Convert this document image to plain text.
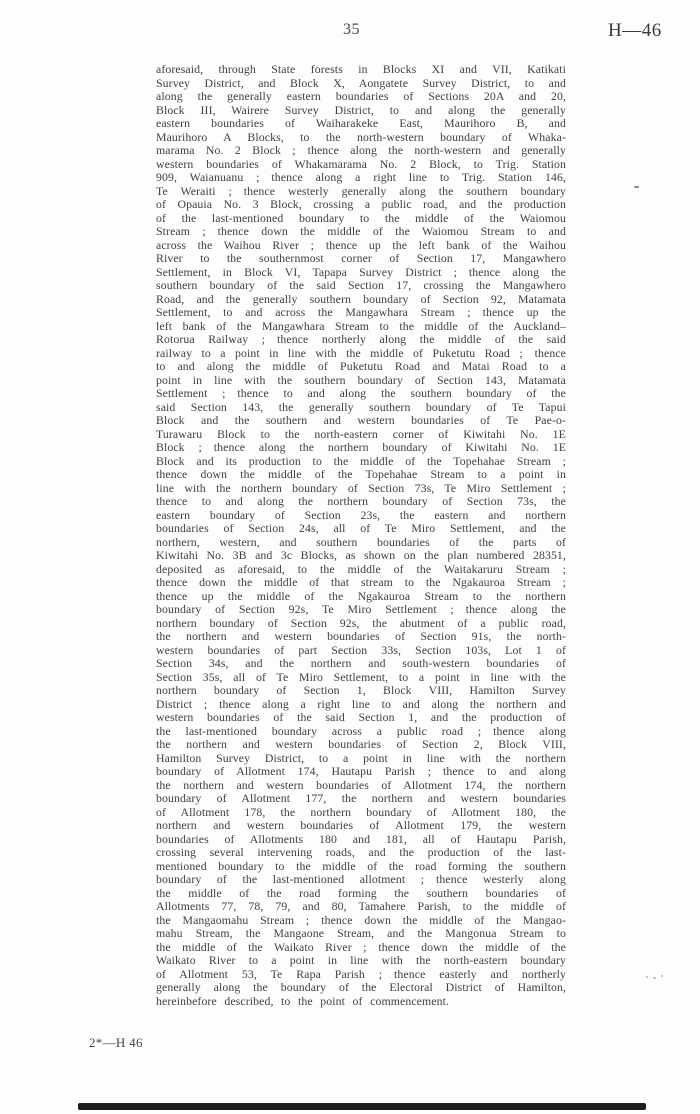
35	H—46
aforesaid, through State forests in Blocks XI and VII, Katikati
Survey District, and Block X, Aongatete Survey District, to and
along the generally eastern boundaries of Sections 20A and 20,
Block III, Wairere Survey District, to and along the generally
eastern boundaries of Waiharakeke East, Maurihoro B, and
Maurihoro A Blocks, to the north-western boundary of Whaka-
marama No. 2 Block ; thence along the north-western and generally
western boundaries of Whakamarama No. 2 Block, to Trig. Station
909, Waianuanu ; thence along a right line to Trig. Station 146,
Te Weraiti ; thence westerly generally along the southern boundary
of Opauia No. 3 Block, crossing a public road, and the production
of the last-mentioned boundary to the middle of the Waiomou
Stream ; thence down the middle of the Waiomou Stream to and
across the Waihou River ; thence up the left bank of the Waihou
River to the southernmost corner of Section 17, Mangawhero
Settlement, in Block VI, Tapapa Survey District ; thence along the
southern boundary of the said Section 17, crossing the Mangawhero
Road, and the generally southern boundary of Section 92, Matamata
Settlement, to and across the Mangawhara Stream ; thence up the
left bank of the Mangawhara Stream to the middle of the Auckland–
Rotorua Railway ; thence northerly along the middle of the said
railway to a point in line with the middle of Puketutu Road ; thence
to and along the middle of Puketutu Road and Matai Road to a
point in line with the southern boundary of Section 143, Matamata
Settlement ; thence to and along the southern boundary of the
said Section 143, the generally southern boundary of Te Tapui
Block and the southern and western boundaries of Te Pae-o-
Turawaru Block to the north-eastern corner of Kiwitahi No. 1E
Block ; thence along the northern boundary of Kiwitahi No. 1E
Block and its production to the middle of the Topehahae Stream ;
thence down the middle of the Topehahae Stream to a point in
line with the northern boundary of Section 73s, Te Miro Settlement ;
thence to and along the northern boundary of Section 73s, the
eastern boundary of Section 23s, the eastern and northern
boundaries of Section 24s, all of Te Miro Settlement, and the
northern, western, and southern boundaries of the parts of
Kiwitahi No. 3B and 3c Blocks, as shown on the plan numbered 28351,
deposited as aforesaid, to the middle of the Waitakaruru Stream ;
thence down the middle of that stream to the Ngakauroa Stream ;
thence up the middle of the Ngakauroa Stream to the northern
boundary of Section 92s, Te Miro Settlement ; thence along the
northern boundary of Section 92s, the abutment of a public road,
the northern and western boundaries of Section 91s, the north-
western boundaries of part Section 33s, Section 103s, Lot 1 of
Section 34s, and the northern and south-western boundaries of
Section 35s, all of Te Miro Settlement, to a point in line with the
northern boundary of Section 1, Block VIII, Hamilton Survey
District ; thence along a right line to and along the northern and
western boundaries of the said Section 1, and the production of
the last-mentioned boundary across a public road ; thence along
the northern and western boundaries of Section 2, Block VIII,
Hamilton Survey District, to a point in line with the northern
boundary of Allotment 174, Hautapu Parish ; thence to and along
the northern and western boundaries of Allotment 174, the northern
boundary of Allotment 177, the northern and western boundaries
of Allotment 178, the northern boundary of Allotment 180, the
northern and western boundaries of Allotment 179, the western
boundaries of Allotments 180 and 181, all of Hautapu Parish,
crossing several intervening roads, and the production of the last-
mentioned boundary to the middle of the road forming the southern
boundary of the last-mentioned allotment ; thence westerly along
the middle of the road forming the southern boundaries of
Allotments 77, 78, 79, and 80, Tamahere Parish, to the middle of
the Mangaomahu Stream ; thence down the middle of the Mangao-
mahu Stream, the Mangaone Stream, and the Mangonua Stream to
the middle of the Waikato River ; thence down the middle of the
Waikato River to a point in line with the north-eastern boundary
of Allotment 53, Te Rapa Parish ; thence easterly and northerly
generally along the boundary of the Electoral District of Hamilton,
hereinbefore described, to the point of commencement.
2*—H 46
